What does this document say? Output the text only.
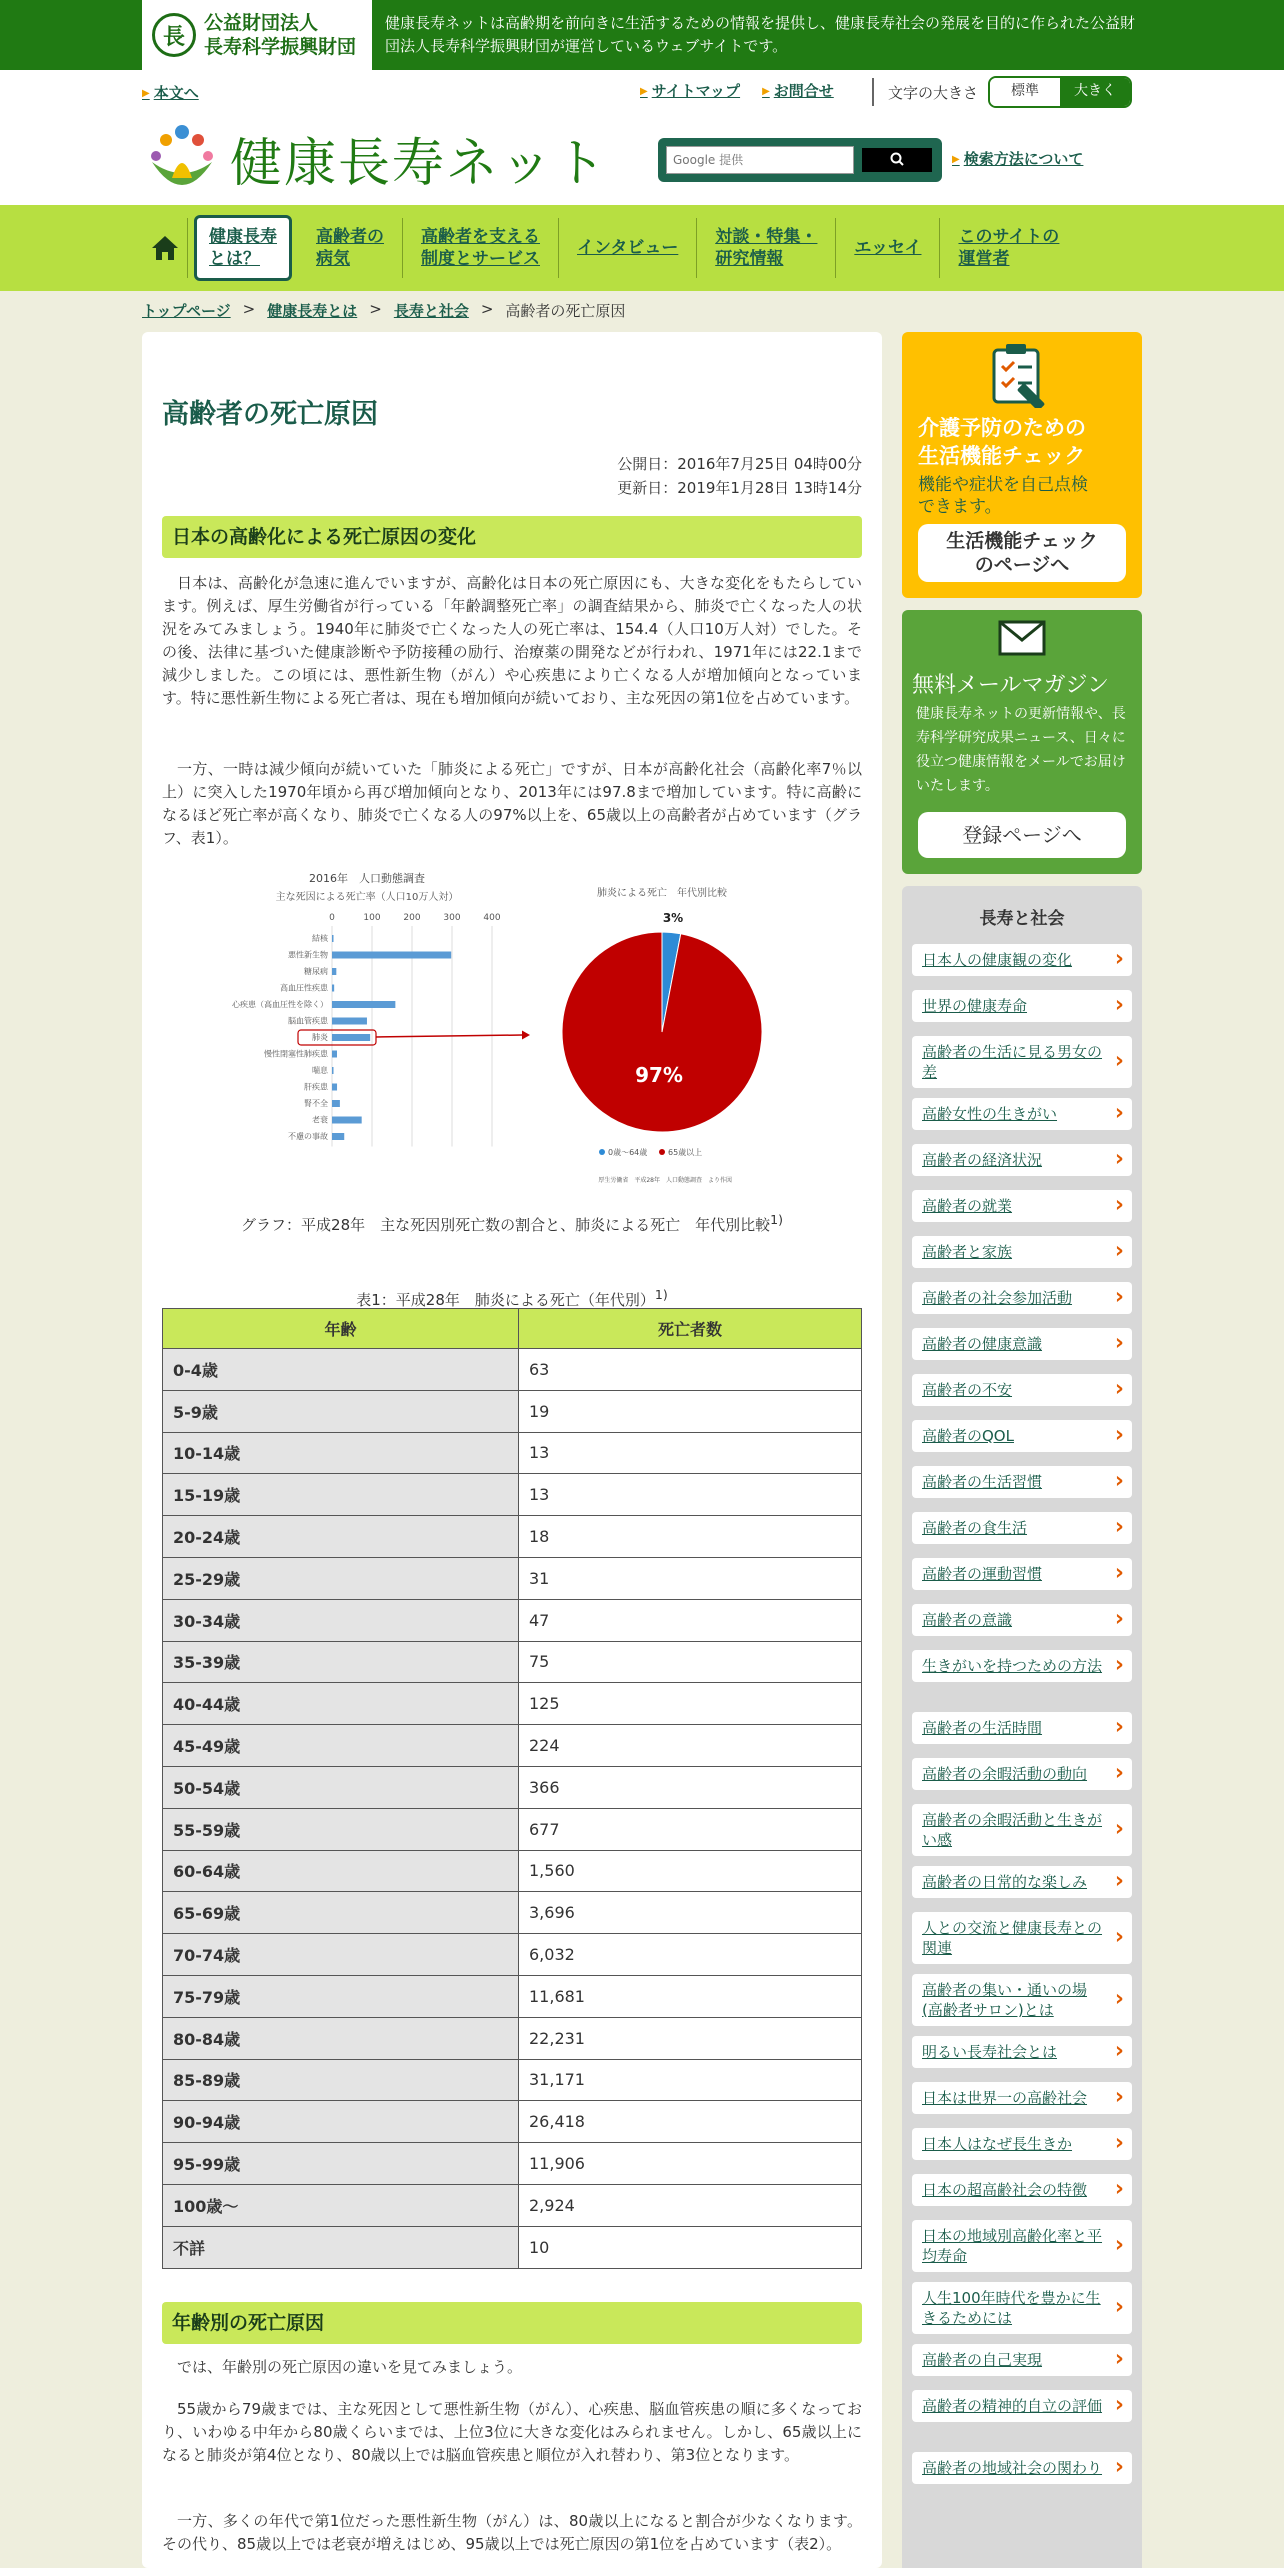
長
公益財団法人
長寿科学振興財団
健康長寿ネットは高齢期を前向きに生活するための情報を提供し、健康長寿社会の発展を目的に作られた公益財団法人長寿科学振興財団が運営しているウェブサイトです。
▶ 本文へ	▶ サイトマップ	▶ お問合せ	文字の大きさ	標準	大きく
健康長寿ネット
Google 提供	▶ 検索方法について
健康長寿
とは？
高齢者の
病気
高齢者を支える
制度とサービス
インタビュー
対談・特集・
研究情報
エッセイ
このサイトの
運営者
トップページ > 健康長寿とは > 長寿と社会 > 高齢者の死亡原因
高齢者の死亡原因
公開日：2016年7月25日 04時00分
更新日：2019年1月28日 13時14分
日本の高齢化による死亡原因の変化

日本は、高齢化が急速に進んでいますが、高齢化は日本の死亡原因にも、大きな変化をもたらしています。例えば、厚生労働省が行っている「年齢調整死亡率」の調査結果から、肺炎で亡くなった人の状況をみてみましょう。1940年に肺炎で亡くなった人の死亡率は、154.4（人口10万人対）でした。その後、法律に基づいた健康診断や予防接種の励行、治療薬の開発などが行われ、1971年には22.1まで減少しました。この頃には、悪性新生物（がん）や心疾患により亡くなる人が増加傾向となっています。特に悪性新生物による死亡者は、現在も増加傾向が続いており、主な死因の第1位を占めています。

一方、一時は減少傾向が続いていた「肺炎による死亡」ですが、日本が高齢化社会（高齢化率7％以上）に突入した1970年頃から再び増加傾向となり、2013年には97.8まで増加しています。特に高齢になるほど死亡率が高くなり、肺炎で亡くなる人の97%以上を、65歳以上の高齢者が占めています（グラフ、表1）。

2016年　人口動態調査
主な死因による死亡率（人口10万人対）
0	100	200	300	400
結核
悪性新生物
糖尿病
高血圧性疾患
心疾患（高血圧性を除く）
脳血管疾患
肺炎
慢性閉塞性肺疾患
喘息
肝疾患
腎不全
老衰
不慮の事故
肺炎による死亡　年代別比較
3%
97%
0歳～64歳	65歳以上
厚生労働省　平成28年　人口動態調査　より作図
グラフ：平成28年　主な死因別死亡数の割合と、肺炎による死亡　年代別比較$^{1)}$
表1：平成28年　肺炎による死亡（年代別）$^{1)}$
年齢	死亡者数
0-4歳	63
5-9歳	19
10-14歳	13
15-19歳	13
20-24歳	18
25-29歳	31
30-34歳	47
35-39歳	75
40-44歳	125
45-49歳	224
50-54歳	366
55-59歳	677
60-64歳	1,560
65-69歳	3,696
70-74歳	6,032
75-79歳	11,681
80-84歳	22,231
85-89歳	31,171
90-94歳	26,418
95-99歳	11,906
100歳～	2,924
不詳	10
年齢別の死亡原因

では、年齢別の死亡原因の違いを見てみましょう。

55歳から79歳までは、主な死因として悪性新生物（がん）、心疾患、脳血管疾患の順に多くなっており、いわゆる中年から80歳くらいまでは、上位3位に大きな変化はみられません。しかし、65歳以上になると肺炎が第4位となり、80歳以上では脳血管疾患と順位が入れ替わり、第3位となります。

一方、多くの年代で第1位だった悪性新生物（がん）は、80歳以上になると割合が少なくなります。その代り、85歳以上では老衰が増えはじめ、95歳以上では死亡原因の第1位を占めています（表2）。

介護予防のための
生活機能チェック
機能や症状を自己点検
できます。
生活機能チェック
のページへ
無料メールマガジン
健康長寿ネットの更新情報や、長寿科学研究成果ニュース、日々に役立つ健康情報をメールでお届けいたします。
登録ページへ
長寿と社会
日本人の健康観の変化 ›
世界の健康寿命 ›
高齢者の生活に見る男女の差 ›
高齢女性の生きがい ›
高齢者の経済状況 ›
高齢者の就業 ›
高齢者と家族 ›
高齢者の社会参加活動 ›
高齢者の健康意識 ›
高齢者の不安 ›
高齢者のQOL ›
高齢者の生活習慣 ›
高齢者の食生活 ›
高齢者の運動習慣 ›
高齢者の意識 ›
生きがいを持つための方法 ›
高齢者の生活時間 ›
高齢者の余暇活動の動向 ›
高齢者の余暇活動と生きがい感 ›
高齢者の日常的な楽しみ ›
人との交流と健康長寿との関連 ›
高齢者の集い・通いの場(高齢者サロン)とは ›
明るい長寿社会とは ›
日本は世界一の高齢社会 ›
日本人はなぜ長生きか ›
日本の超高齢社会の特徴 ›
日本の地域別高齢化率と平均寿命 ›
人生100年時代を豊かに生きるためには ›
高齢者の自己実現 ›
高齢者の精神的自立の評価 ›
高齢者の地域社会の関わり ›
